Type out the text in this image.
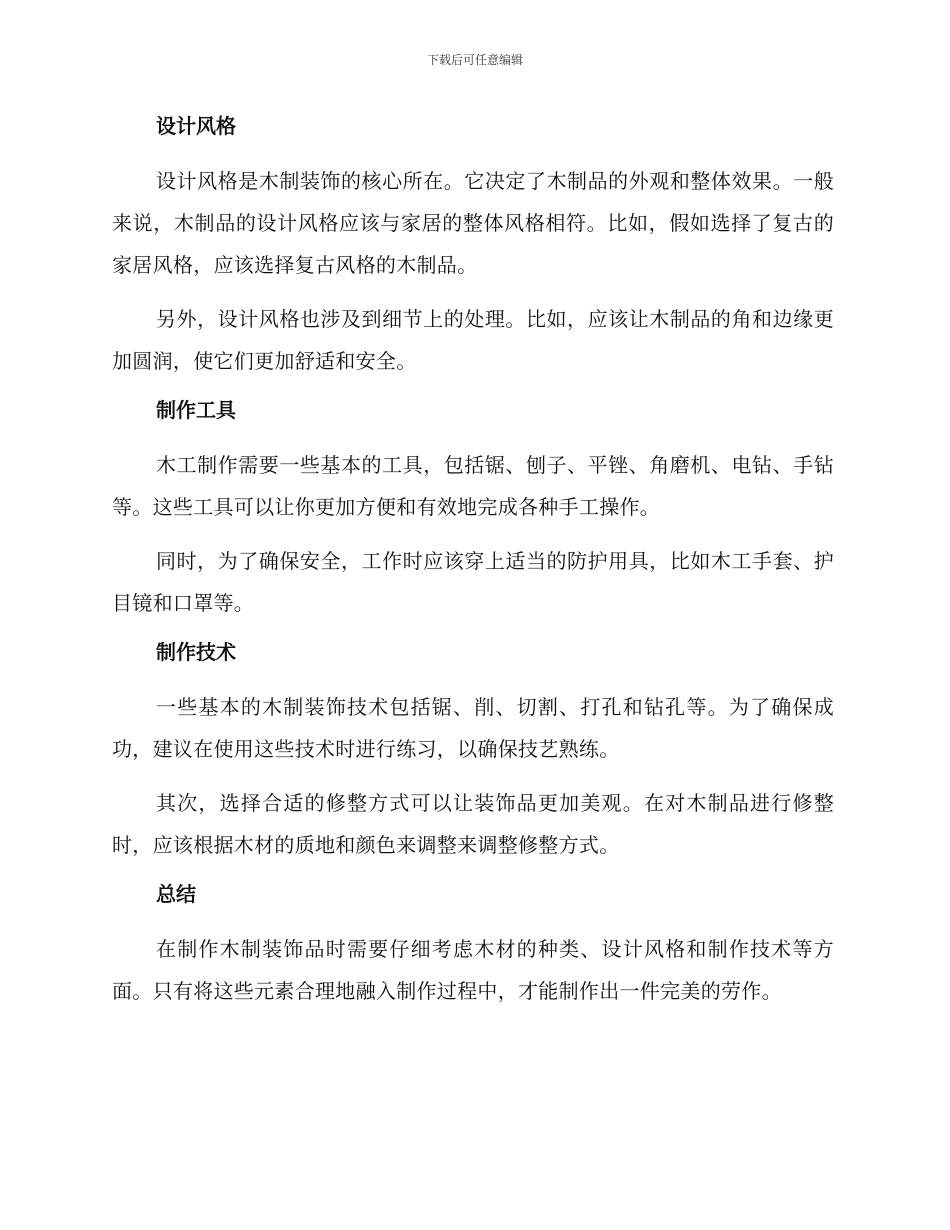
下载后可任意编辑
设计风格

设计风格是木制装饰的核心所在。它决定了木制品的外观和整体效果。一般来说，木制品的设计风格应该与家居的整体风格相符。比如，假如选择了复古的家居风格，应该选择复古风格的木制品。

另外，设计风格也涉及到细节上的处理。比如，应该让木制品的角和边缘更加圆润，使它们更加舒适和安全。

制作工具

木工制作需要一些基本的工具，包括锯、刨子、平锉、角磨机、电钻、手钻等。这些工具可以让你更加方便和有效地完成各种手工操作。

同时，为了确保安全，工作时应该穿上适当的防护用具，比如木工手套、护目镜和口罩等。

制作技术

一些基本的木制装饰技术包括锯、削、切割、打孔和钻孔等。为了确保成功，建议在使用这些技术时进行练习，以确保技艺熟练。

其次，选择合适的修整方式可以让装饰品更加美观。在对木制品进行修整时，应该根据木材的质地和颜色来调整来调整修整方式。

总结

在制作木制装饰品时需要仔细考虑木材的种类、设计风格和制作技术等方面。只有将这些元素合理地融入制作过程中，才能制作出一件完美的劳作。
